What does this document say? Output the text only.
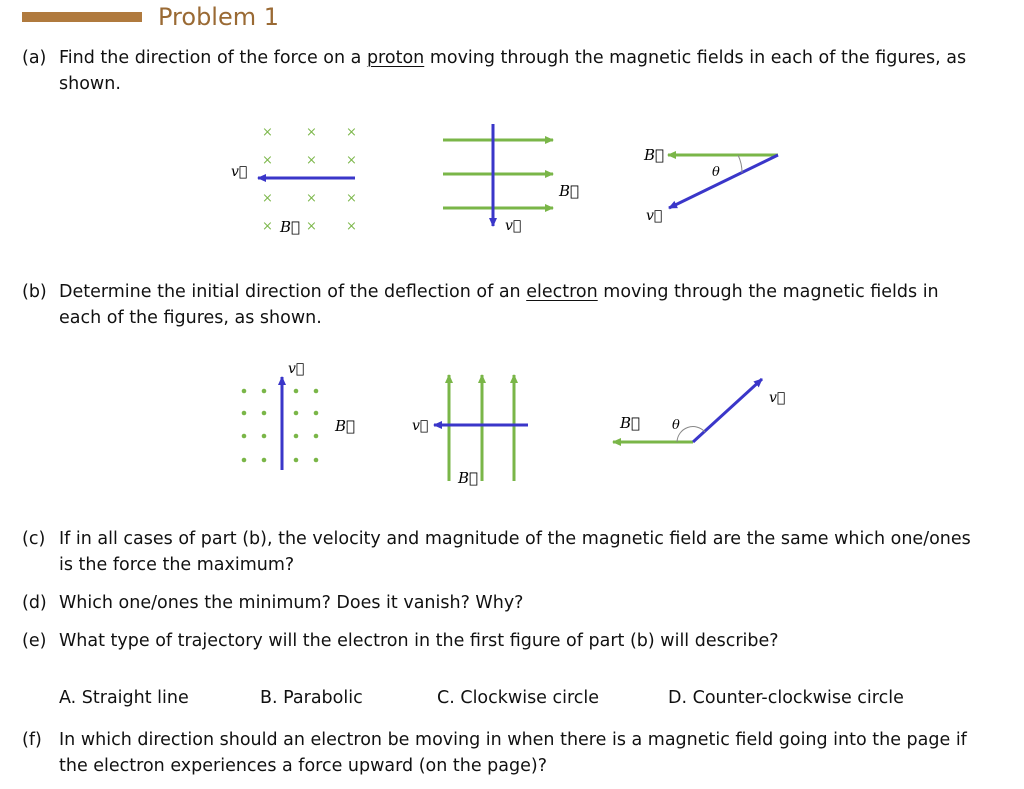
Problem 1
(a) Find the direction of the force on a proton moving through the magnetic fields in each of the figures, as shown.
×	× ×
×	× ×
×	× ×
×	× ×
v⃗
B⃗
B⃗
v⃗
B⃗
θ
v⃗
(b) Determine the initial direction of the deflection of an electron moving through the magnetic fields in each of the figures, as shown.
v⃗
B⃗	v⃗
B⃗
B⃗ θ
v⃗
(c) If in all cases of part (b), the velocity and magnitude of the magnetic field are the same which one/ones is the force the maximum?
(d) Which one/ones the minimum? Does it vanish? Why?
(e) What type of trajectory will the electron in the first figure of part (b) will describe?
A. Straight line	B. Parabolic	C. Clockwise circle	D. Counter-clockwise circle
(f) In which direction should an electron be moving in when there is a magnetic field going into the page if the electron experiences a force upward (on the page)?
